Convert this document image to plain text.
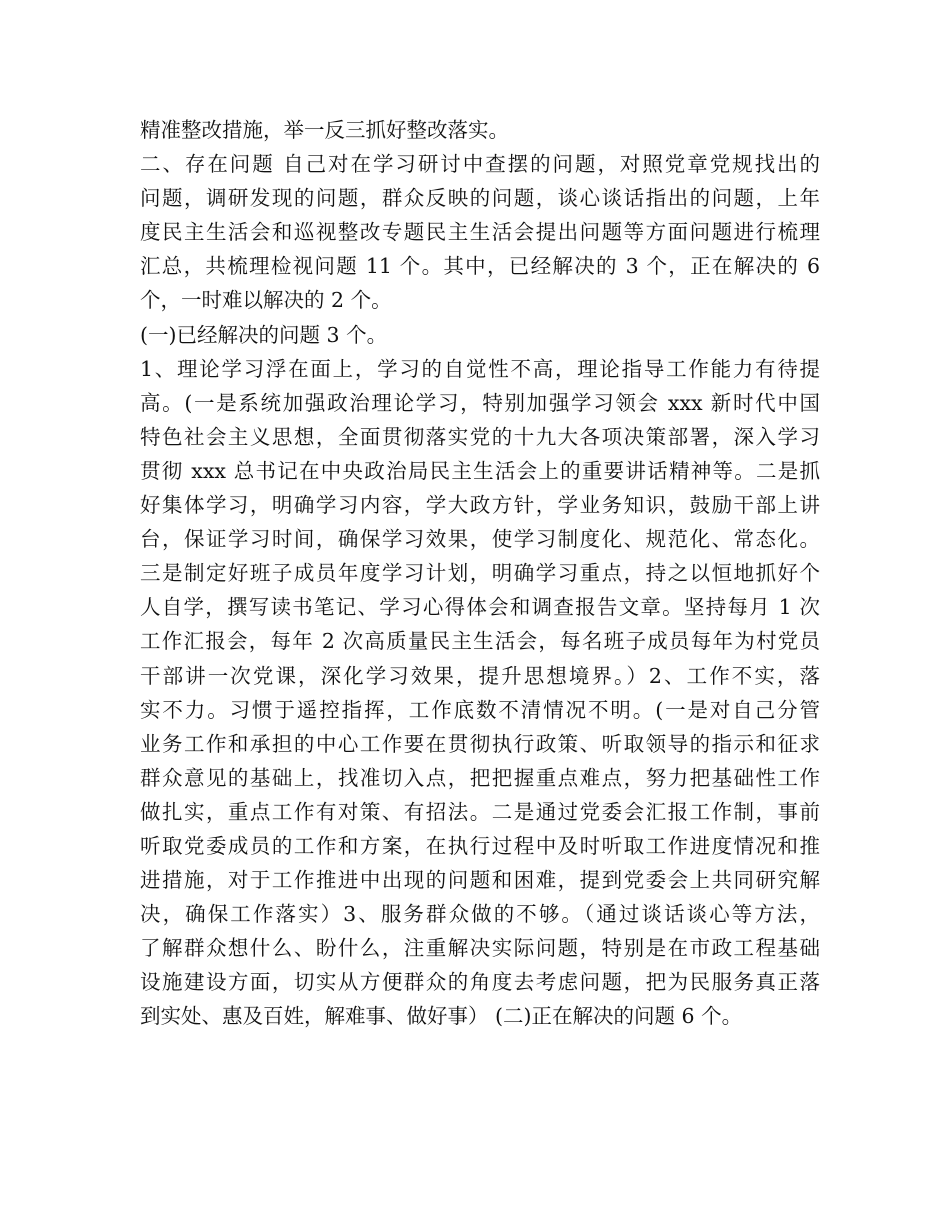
精准整改措施，举一反三抓好整改落实。
二、存在问题 自己对在学习研讨中查摆的问题，对照党章党规找出的
问题，调研发现的问题，群众反映的问题，谈心谈话指出的问题，上年
度民主生活会和巡视整改专题民主生活会提出问题等方面问题进行梳理
汇总，共梳理检视问题 11 个。其中，已经解决的 3 个，正在解决的 6
个，一时难以解决的 2 个。
(一)已经解决的问题 3 个。
1、理论学习浮在面上，学习的自觉性不高，理论指导工作能力有待提
高。(一是系统加强政治理论学习，特别加强学习领会 xxx 新时代中国
特色社会主义思想，全面贯彻落实党的十九大各项决策部署，深入学习
贯彻 xxx 总书记在中央政治局民主生活会上的重要讲话精神等。二是抓
好集体学习，明确学习内容，学大政方针，学业务知识，鼓励干部上讲
台，保证学习时间，确保学习效果，使学习制度化、规范化、常态化。
三是制定好班子成员年度学习计划，明确学习重点，持之以恒地抓好个
人自学，撰写读书笔记、学习心得体会和调查报告文章。坚持每月 1 次
工作汇报会，每年 2 次高质量民主生活会，每名班子成员每年为村党员
干部讲一次党课，深化学习效果，提升思想境界。）2、工作不实，落
实不力。习惯于遥控指挥，工作底数不清情况不明。(一是对自己分管
业务工作和承担的中心工作要在贯彻执行政策、听取领导的指示和征求
群众意见的基础上，找准切入点，把把握重点难点，努力把基础性工作
做扎实，重点工作有对策、有招法。二是通过党委会汇报工作制，事前
听取党委成员的工作和方案，在执行过程中及时听取工作进度情况和推
进措施，对于工作推进中出现的问题和困难，提到党委会上共同研究解
决，确保工作落实）3、服务群众做的不够。（通过谈话谈心等方法，
了解群众想什么、盼什么，注重解决实际问题，特别是在市政工程基础
设施建设方面，切实从方便群众的角度去考虑问题，把为民服务真正落
到实处、惠及百姓，解难事、做好事） (二)正在解决的问题 6 个。
